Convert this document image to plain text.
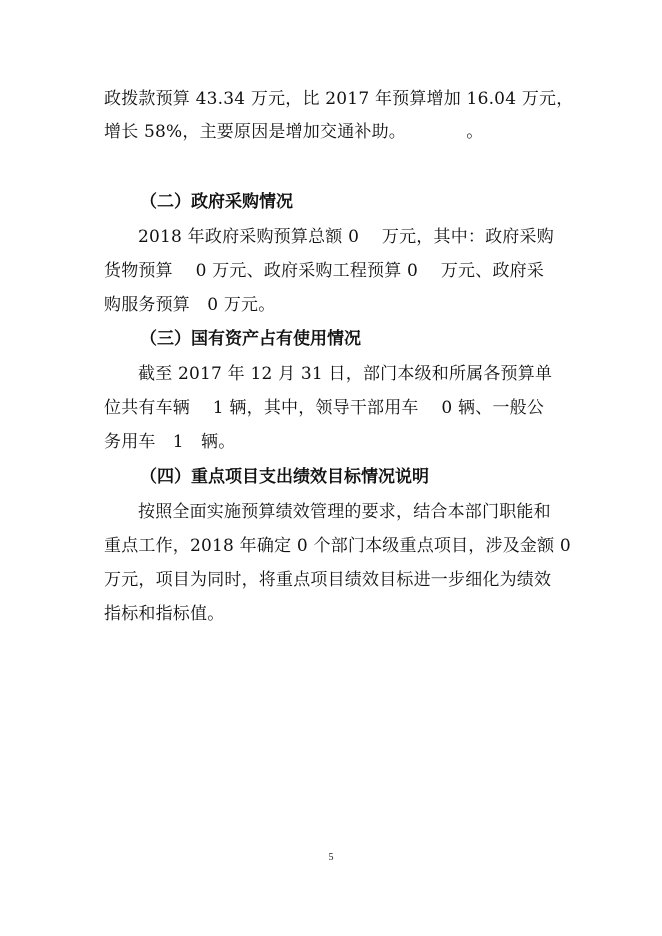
政拨款预算 43.34 万元，比 2017 年预算增加 16.04 万元，
增长 58%，主要原因是增加交通补助。　　　　。
（二）政府采购情况
2018 年政府采购预算总额 0　 万元，其中：政府采购
货物预算　 0 万元、政府采购工程预算 0　 万元、政府采
购服务预算　0 万元。
（三）国有资产占有使用情况
截至 2017 年 12 月 31 日，部门本级和所属各预算单
位共有车辆　 1 辆，其中，领导干部用车　 0 辆、一般公
务用车　1　辆。
（四）重点项目支出绩效目标情况说明
按照全面实施预算绩效管理的要求，结合本部门职能和
重点工作，2018 年确定 0 个部门本级重点项目，涉及金额 0
万元，项目为同时，将重点项目绩效目标进一步细化为绩效
指标和指标值。
5
